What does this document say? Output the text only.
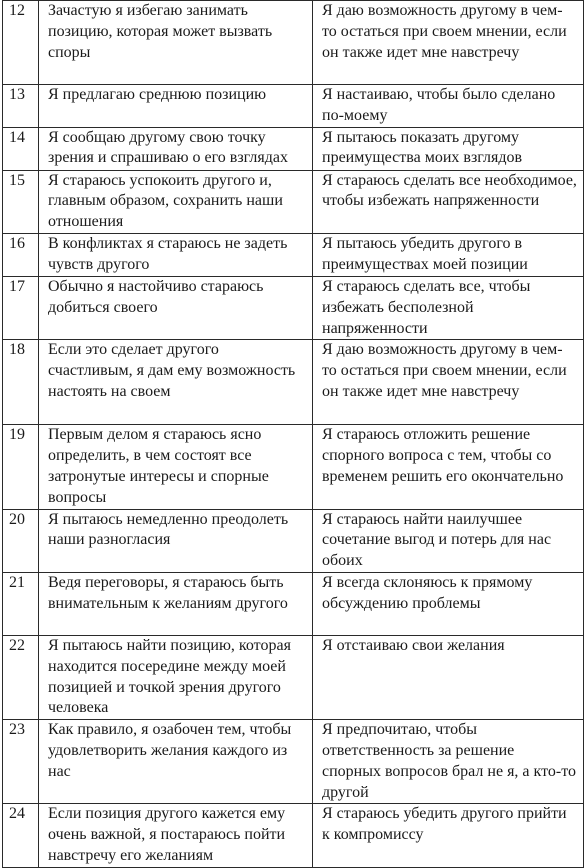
12	Зачастую я избегаю занимать позицию, которая может вызвать споры	Я даю возможность другому в чем-то остаться при своем мнении, если он также идет мне навстречу
13	Я предлагаю среднюю позицию	Я настаиваю, чтобы было сделано по-моему
14	Я сообщаю другому свою точку зрения и спрашиваю о его взглядах	Я пытаюсь показать другому преимущества моих взглядов
15	Я стараюсь успокоить другого и, главным образом, сохранить наши отношения	Я стараюсь сделать все необходимое, чтобы избежать напряженности
16	В конфликтах я стараюсь не задеть чувств другого	Я пытаюсь убедить другого в преимуществах моей позиции
17	Обычно я настойчиво стараюсь добиться своего	Я стараюсь сделать все, чтобы избежать бесполезной напряженности
18	Если это сделает другого счастливым, я дам ему возможность настоять на своем	Я даю возможность другому в чем-то остаться при своем мнении, если он также идет мне навстречу
19	Первым делом я стараюсь ясно определить, в чем состоят все затронутые интересы и спорные вопросы	Я стараюсь отложить решение спорного вопроса с тем, чтобы со временем решить его окончательно
20	Я пытаюсь немедленно преодолеть наши разногласия	Я стараюсь найти наилучшее сочетание выгод и потерь для нас обоих
21	Ведя переговоры, я стараюсь быть внимательным к желаниям другого	Я всегда склоняюсь к прямому обсуждению проблемы
22	Я пытаюсь найти позицию, которая находится посередине между моей позицией и точкой зрения другого человека	Я отстаиваю свои желания
23	Как правило, я озабочен тем, чтобы удовлетворить желания каждого из нас	Я предпочитаю, чтобы ответственность за решение спорных вопросов брал не я, а кто-то другой
24	Если позиция другого кажется ему очень важной, я постараюсь пойти навстречу его желаниям	Я стараюсь убедить другого прийти к компромиссу
